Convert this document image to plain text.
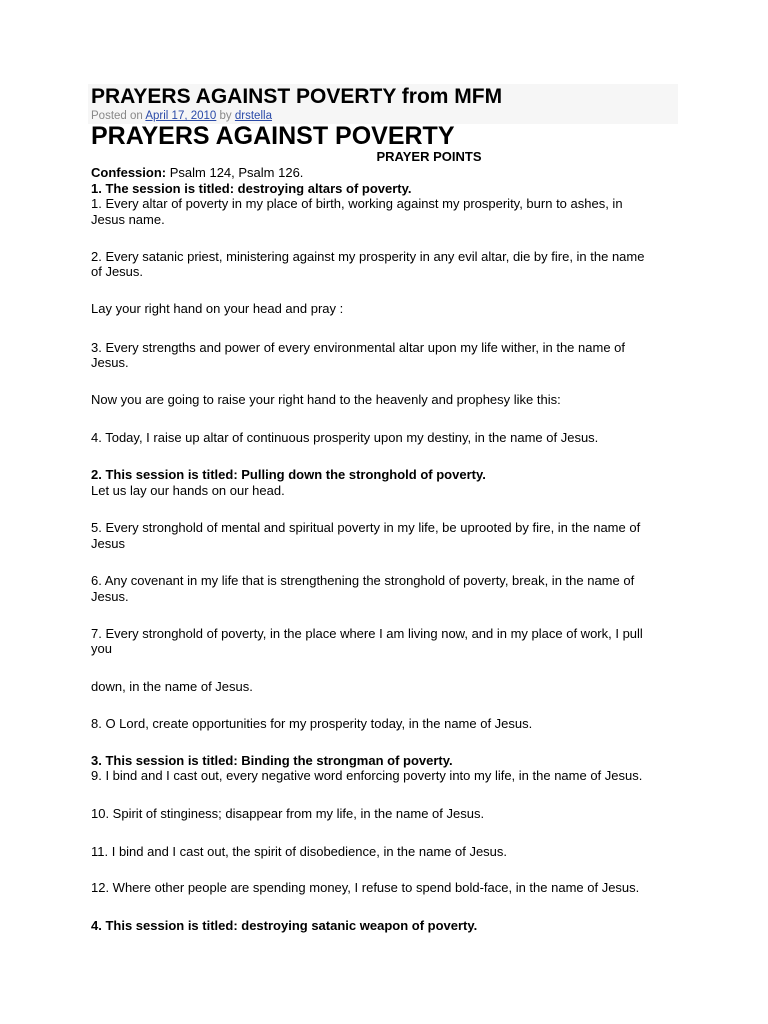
PRAYERS AGAINST POVERTY from MFM
Posted on April 17, 2010 by drstella
PRAYERS AGAINST POVERTY
PRAYER POINTS
Confession: Psalm 124, Psalm 126.
1. The session is titled: destroying altars of poverty.
1. Every altar of poverty in my place of birth, working against my prosperity, burn to ashes, in
Jesus name.
2. Every satanic priest, ministering against my prosperity in any evil altar, die by fire, in the name
of Jesus.
Lay your right hand on your head and pray :
3. Every strengths and power of every environmental altar upon my life wither, in the name of
Jesus.
Now you are going to raise your right hand to the heavenly and prophesy like this:
4. Today, I raise up altar of continuous prosperity upon my destiny, in the name of Jesus.
2. This session is titled: Pulling down the stronghold of poverty.
Let us lay our hands on our head.
5. Every stronghold of mental and spiritual poverty in my life, be uprooted by fire, in the name of
Jesus
6. Any covenant in my life that is strengthening the stronghold of poverty, break, in the name of
Jesus.
7. Every stronghold of poverty, in the place where I am living now, and in my place of work, I pull
you
down, in the name of Jesus.
8. O Lord, create opportunities for my prosperity today, in the name of Jesus.
3. This session is titled: Binding the strongman of poverty.
9. I bind and I cast out, every negative word enforcing poverty into my life, in the name of Jesus.
10. Spirit of stinginess; disappear from my life, in the name of Jesus.
11. I bind and I cast out, the spirit of disobedience, in the name of Jesus.
12. Where other people are spending money, I refuse to spend bold-face, in the name of Jesus.
4. This session is titled: destroying satanic weapon of poverty.
